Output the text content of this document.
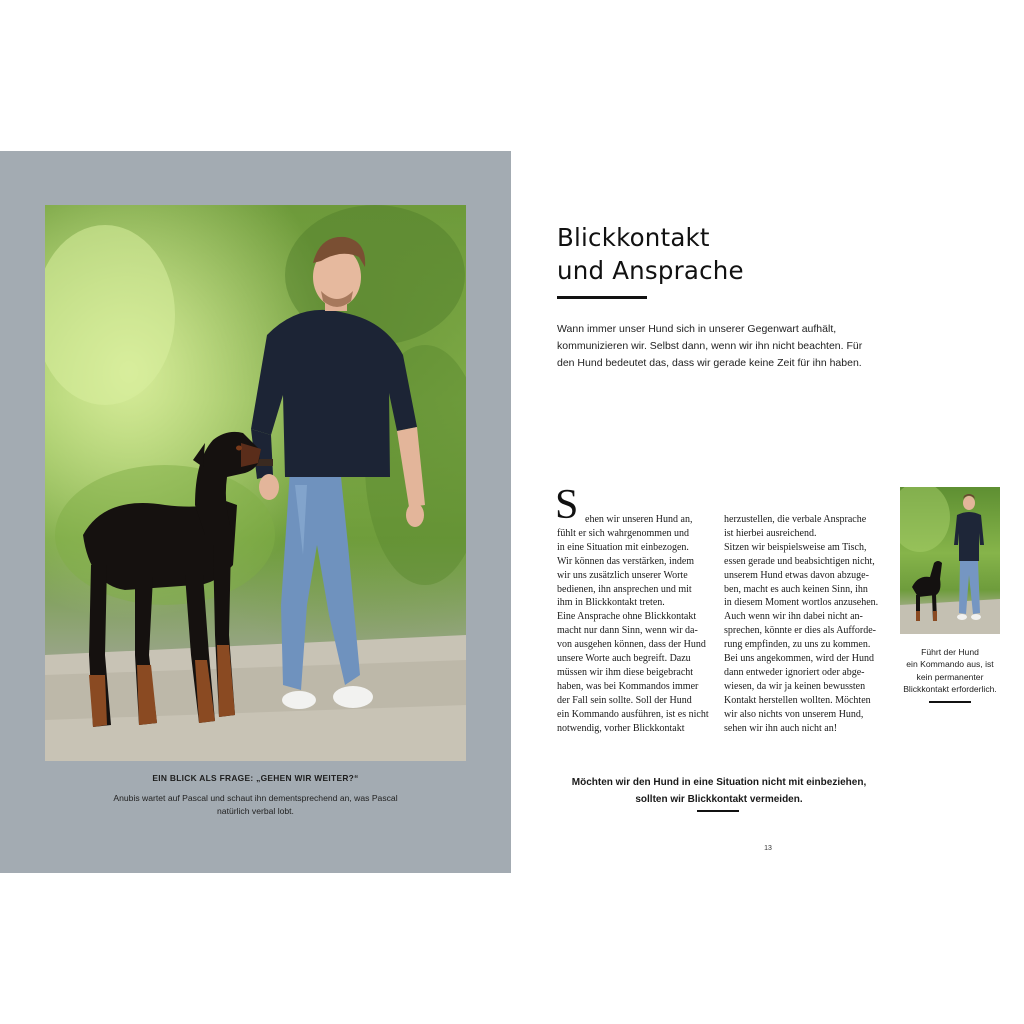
EIN BLICK ALS FRAGE: „GEHEN WIR WEITER?“
Anubis wartet auf Pascal und schaut ihn dementsprechend an, was Pascal natürlich verbal lobt.
Blickkontakt
und Ansprache
Wann immer unser Hund sich in unserer Gegenwart aufhält,
kommunizieren wir. Selbst dann, wenn wir ihn nicht beachten. Für
den Hund bedeutet das, dass wir gerade keine Zeit für ihn haben.
S ehen wir unseren Hund an,
fühlt er sich wahrgenommen und
in eine Situation mit einbezogen.
Wir können das verstärken, indem
wir uns zusätzlich unserer Worte
bedienen, ihn ansprechen und mit
ihm in Blickkontakt treten.
Eine Ansprache ohne Blickkontakt
macht nur dann Sinn, wenn wir da-
von ausgehen können, dass der Hund
unsere Worte auch begreift. Dazu
müssen wir ihm diese beigebracht
haben, was bei Kommandos immer
der Fall sein sollte. Soll der Hund
ein Kommando ausführen, ist es nicht
notwendig, vorher Blickkontakt
herzustellen, die verbale Ansprache
ist hierbei ausreichend.
Sitzen wir beispielsweise am Tisch,
essen gerade und beabsichtigen nicht,
unserem Hund etwas davon abzuge-
ben, macht es auch keinen Sinn, ihn
in diesem Moment wortlos anzusehen.
Auch wenn wir ihn dabei nicht an-
sprechen, könnte er dies als Aufforde-
rung empfinden, zu uns zu kommen.
Bei uns angekommen, wird der Hund
dann entweder ignoriert oder abge-
wiesen, da wir ja keinen bewussten
Kontakt herstellen wollten. Möchten
wir also nichts von unserem Hund,
sehen wir ihn auch nicht an!
Führt der Hund
ein Kommando aus, ist
kein permanenter
Blickkontakt erforderlich.
Möchten wir den Hund in eine Situation nicht mit einbeziehen,
sollten wir Blickkontakt vermeiden.
13
